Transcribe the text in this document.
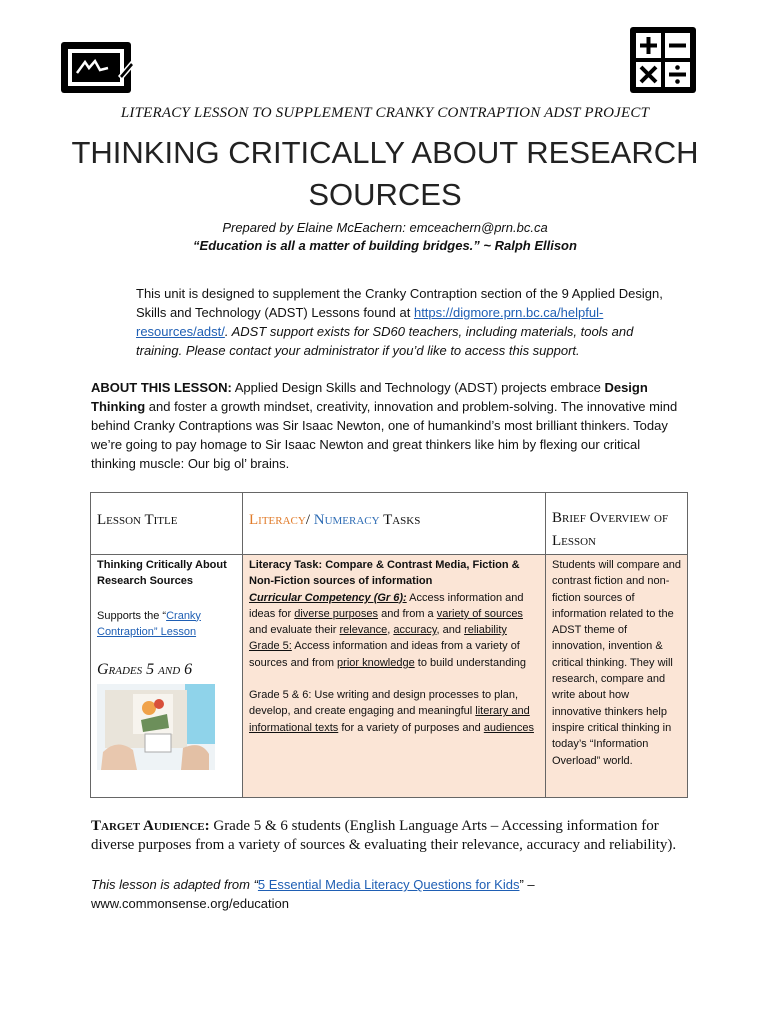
LITERACY LESSON TO SUPPLEMENT CRANKY CONTRAPTION ADST PROJECT
THINKING CRITICALLY ABOUT RESEARCH
SOURCES
Prepared by Elaine McEachern: emceachern@prn.bc.ca
“Education is all a matter of building bridges.” ~ Ralph Ellison
This unit is designed to supplement the Cranky Contraption section of the 9 Applied Design, Skills and Technology (ADST) Lessons found at https://digmore.prn.bc.ca/helpful-resources/adst/. ADST support exists for SD60 teachers, including materials, tools and training. Please contact your administrator if you’d like to access this support.
ABOUT THIS LESSON: Applied Design Skills and Technology (ADST) projects embrace Design Thinking and foster a growth mindset, creativity, innovation and problem-solving. The innovative mind behind Cranky Contraptions was Sir Isaac Newton, one of humankind’s most brilliant thinkers. Today we’re going to pay homage to Sir Isaac Newton and great thinkers like him by flexing our critical thinking muscle: Our big ol’ brains.
Lesson Title
Thinking Critically About Research Sources
Supports the “Cranky Contraption” Lesson
Grades 5 and 6
Literacy/ Numeracy Tasks
Literacy Task: Compare & Contrast Media, Fiction & Non-Fiction sources of information
Curricular Competency (Gr 6): Access information and ideas for diverse purposes and from a variety of sources and evaluate their relevance, accuracy, and reliability
Grade 5: Access information and ideas from a variety of sources and from prior knowledge to build understanding
Grade 5 & 6: Use writing and design processes to plan, develop, and create engaging and meaningful literary and informational texts for a variety of purposes and audiences
Brief Overview of Lesson
Students will compare and contrast fiction and non-fiction sources of information related to the ADST theme of innovation, invention & critical thinking. They will research, compare and write about how innovative thinkers help inspire critical thinking in today’s “Information Overload” world.
Target Audience: Grade 5 & 6 students (English Language Arts – Accessing information for diverse purposes from a variety of sources & evaluating their relevance, accuracy and reliability).
This lesson is adapted from “5 Essential Media Literacy Questions for Kids” –
www.commonsense.org/education
